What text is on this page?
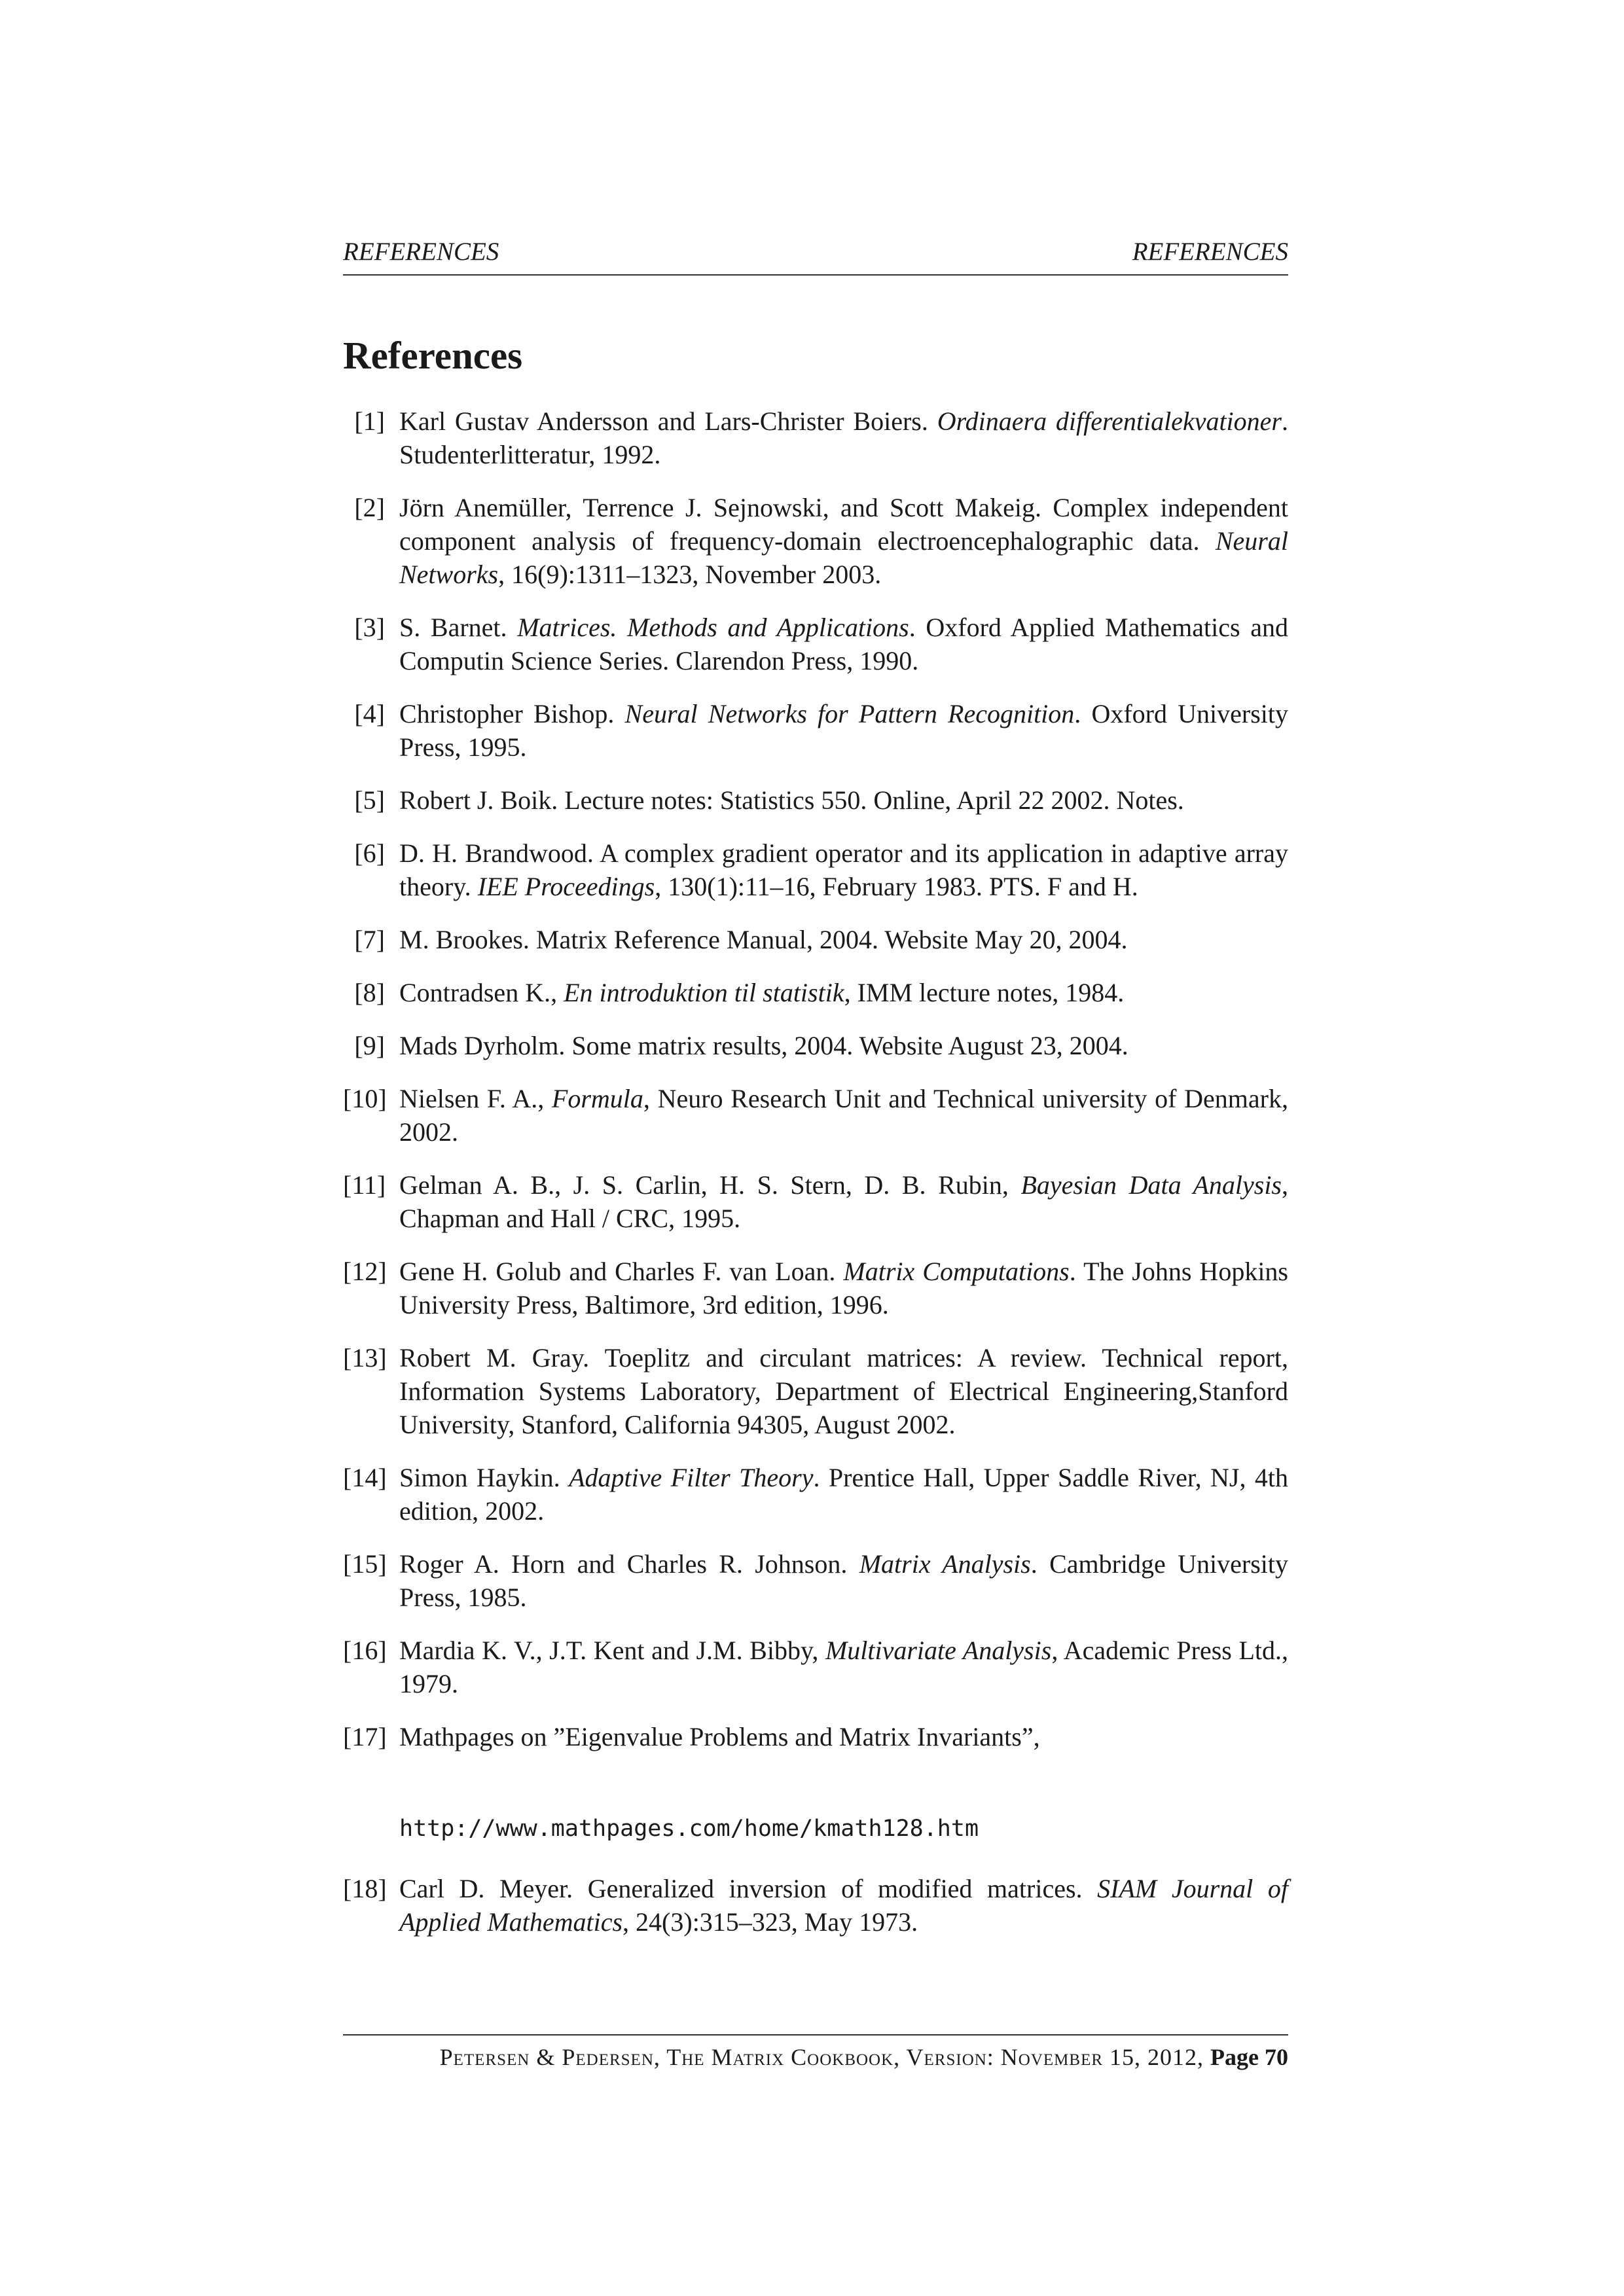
REFERENCES	REFERENCES
References
[1] Karl Gustav Andersson and Lars-Christer Boiers. Ordinaera differentialekvationer. Studenterlitteratur, 1992.
[2] Jörn Anemüller, Terrence J. Sejnowski, and Scott Makeig. Complex independent component analysis of frequency-domain electroencephalographic data. Neural Networks, 16(9):1311–1323, November 2003.
[3] S. Barnet. Matrices. Methods and Applications. Oxford Applied Mathematics and Computin Science Series. Clarendon Press, 1990.
[4] Christopher Bishop. Neural Networks for Pattern Recognition. Oxford University Press, 1995.
[5] Robert J. Boik. Lecture notes: Statistics 550. Online, April 22 2002. Notes.
[6] D. H. Brandwood. A complex gradient operator and its application in adaptive array theory. IEE Proceedings, 130(1):11–16, February 1983. PTS. F and H.
[7] M. Brookes. Matrix Reference Manual, 2004. Website May 20, 2004.
[8] Contradsen K., En introduktion til statistik, IMM lecture notes, 1984.
[9] Mads Dyrholm. Some matrix results, 2004. Website August 23, 2004.
[10] Nielsen F. A., Formula, Neuro Research Unit and Technical university of Denmark, 2002.
[11] Gelman A. B., J. S. Carlin, H. S. Stern, D. B. Rubin, Bayesian Data Analysis, Chapman and Hall / CRC, 1995.
[12] Gene H. Golub and Charles F. van Loan. Matrix Computations. The Johns Hopkins University Press, Baltimore, 3rd edition, 1996.
[13] Robert M. Gray. Toeplitz and circulant matrices: A review. Technical report, Information Systems Laboratory, Department of Electrical Engineering,Stanford University, Stanford, California 94305, August 2002.
[14] Simon Haykin. Adaptive Filter Theory. Prentice Hall, Upper Saddle River, NJ, 4th edition, 2002.
[15] Roger A. Horn and Charles R. Johnson. Matrix Analysis. Cambridge University Press, 1985.
[16] Mardia K. V., J.T. Kent and J.M. Bibby, Multivariate Analysis, Academic Press Ltd., 1979.
[17] Mathpages on ”Eigenvalue Problems and Matrix Invariants”,
http://www.mathpages.com/home/kmath128.htm
[18] Carl D. Meyer. Generalized inversion of modified matrices. SIAM Journal of Applied Mathematics, 24(3):315–323, May 1973.
Petersen & Pedersen, The Matrix Cookbook, Version: November 15, 2012, Page 70
